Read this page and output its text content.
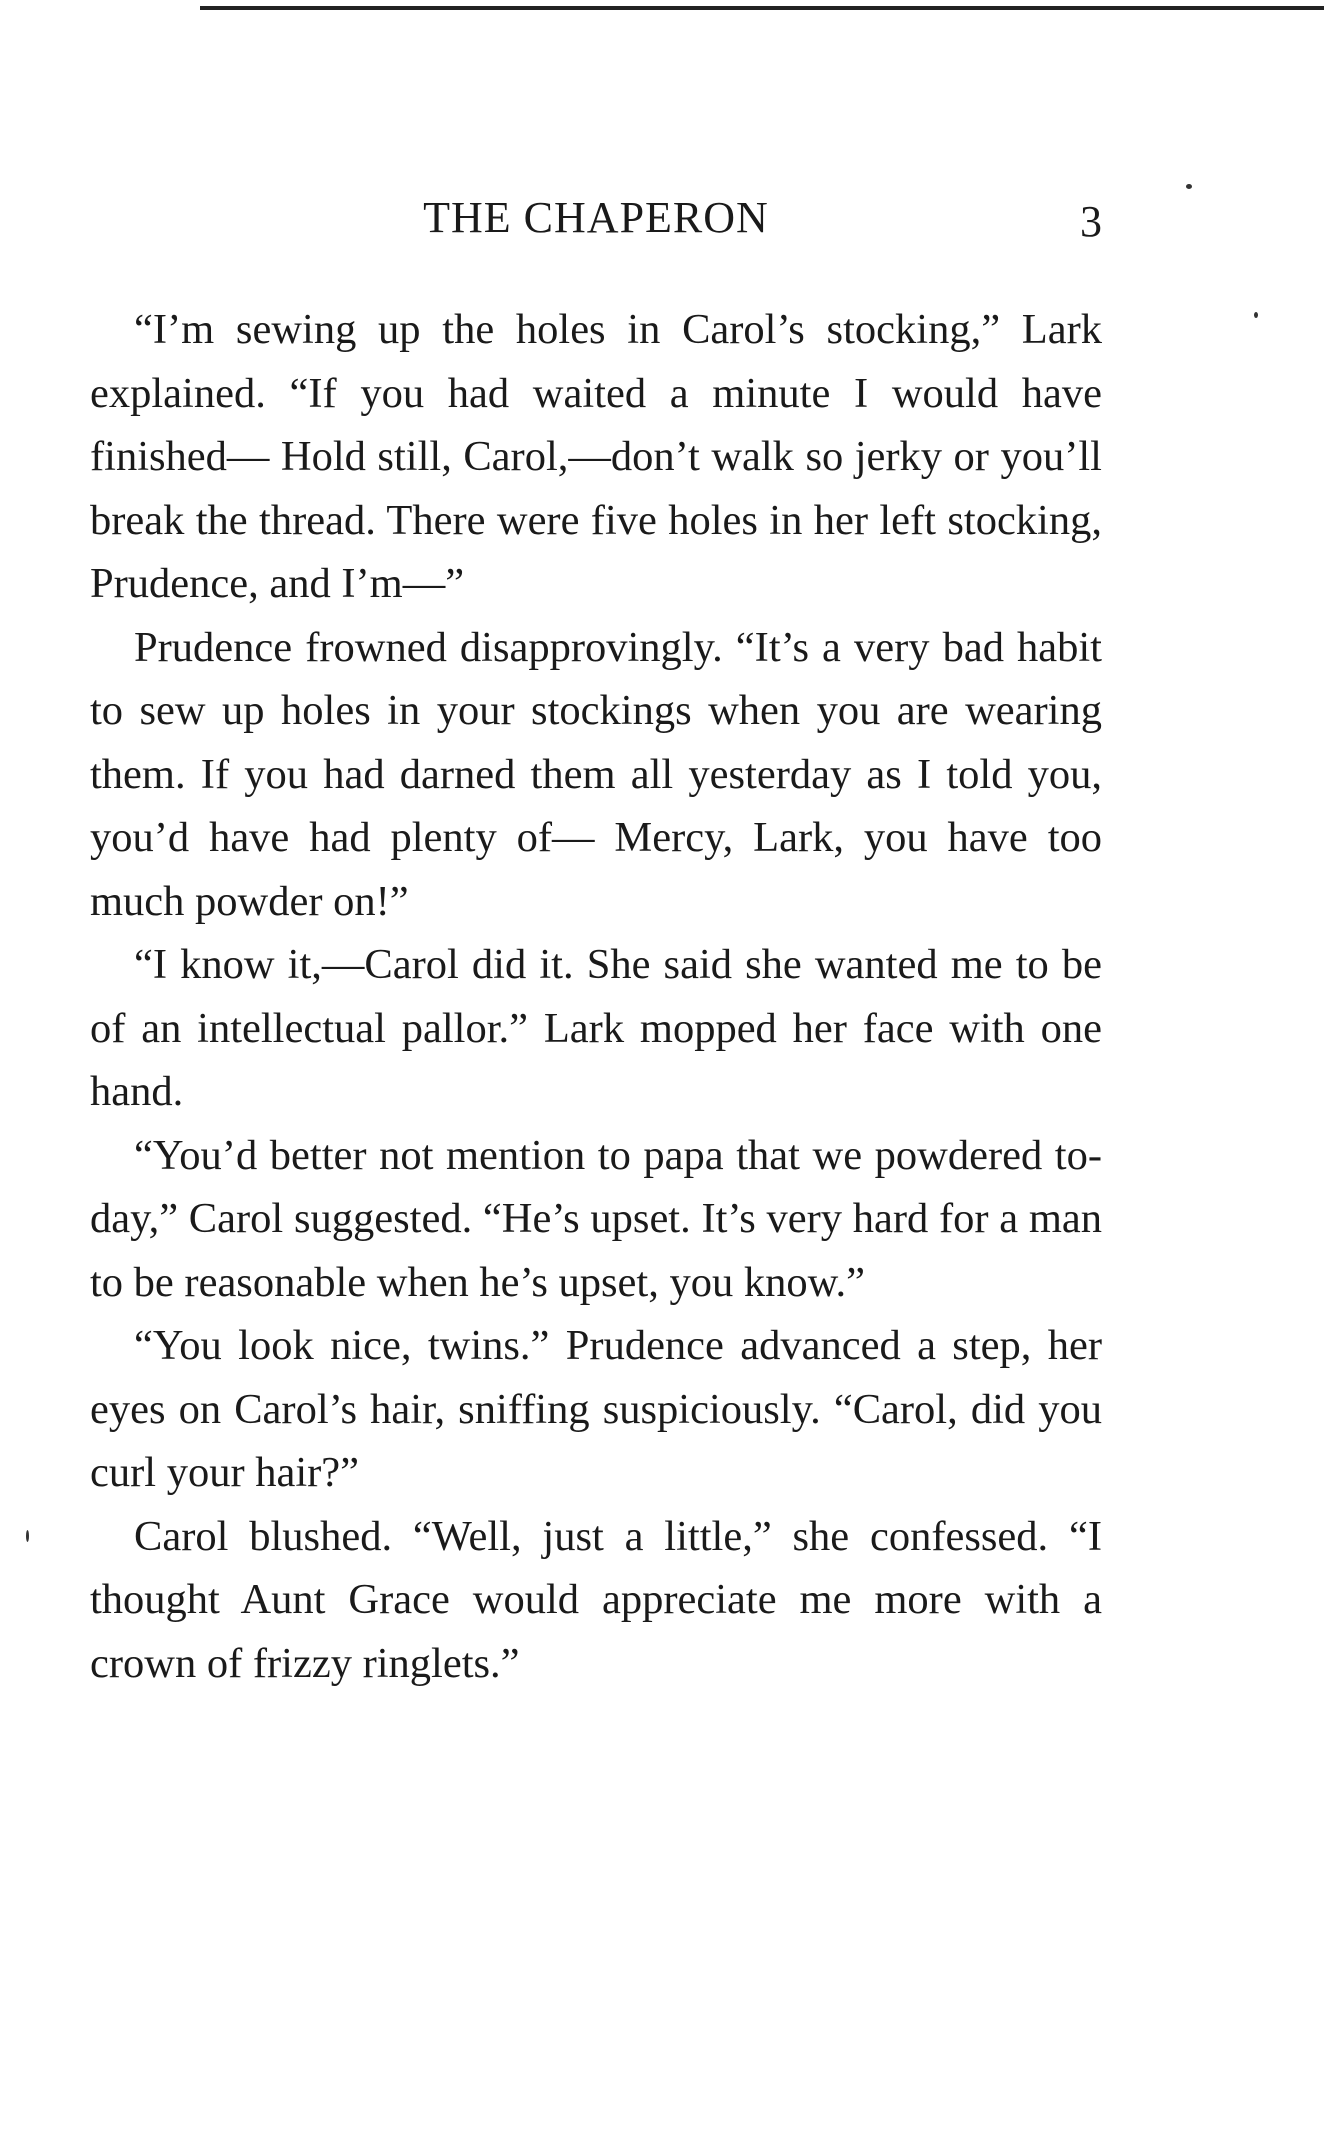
THE CHAPERON	3

“I’m sewing up the holes in Carol’s stocking,” Lark explained. “If you had waited a minute I would have finished— Hold still, Carol,—don’t walk so jerky or you’ll break the thread. There were five holes in her left stocking, Prudence, and I’m—”

Prudence frowned disapprovingly. “It’s a very bad habit to sew up holes in your stockings when you are wearing them. If you had darned them all yesterday as I told you, you’d have had plenty of— Mercy, Lark, you have too much powder on!”

“I know it,—Carol did it. She said she wanted me to be of an intellectual pallor.” Lark mopped her face with one hand.

“You’d better not mention to papa that we powdered to-day,” Carol suggested. “He’s upset. It’s very hard for a man to be reasonable when he’s upset, you know.”

“You look nice, twins.” Prudence advanced a step, her eyes on Carol’s hair, sniffing suspiciously. “Carol, did you curl your hair?”

Carol blushed. “Well, just a little,” she confessed. “I thought Aunt Grace would appreciate me more with a crown of frizzy ringlets.”
